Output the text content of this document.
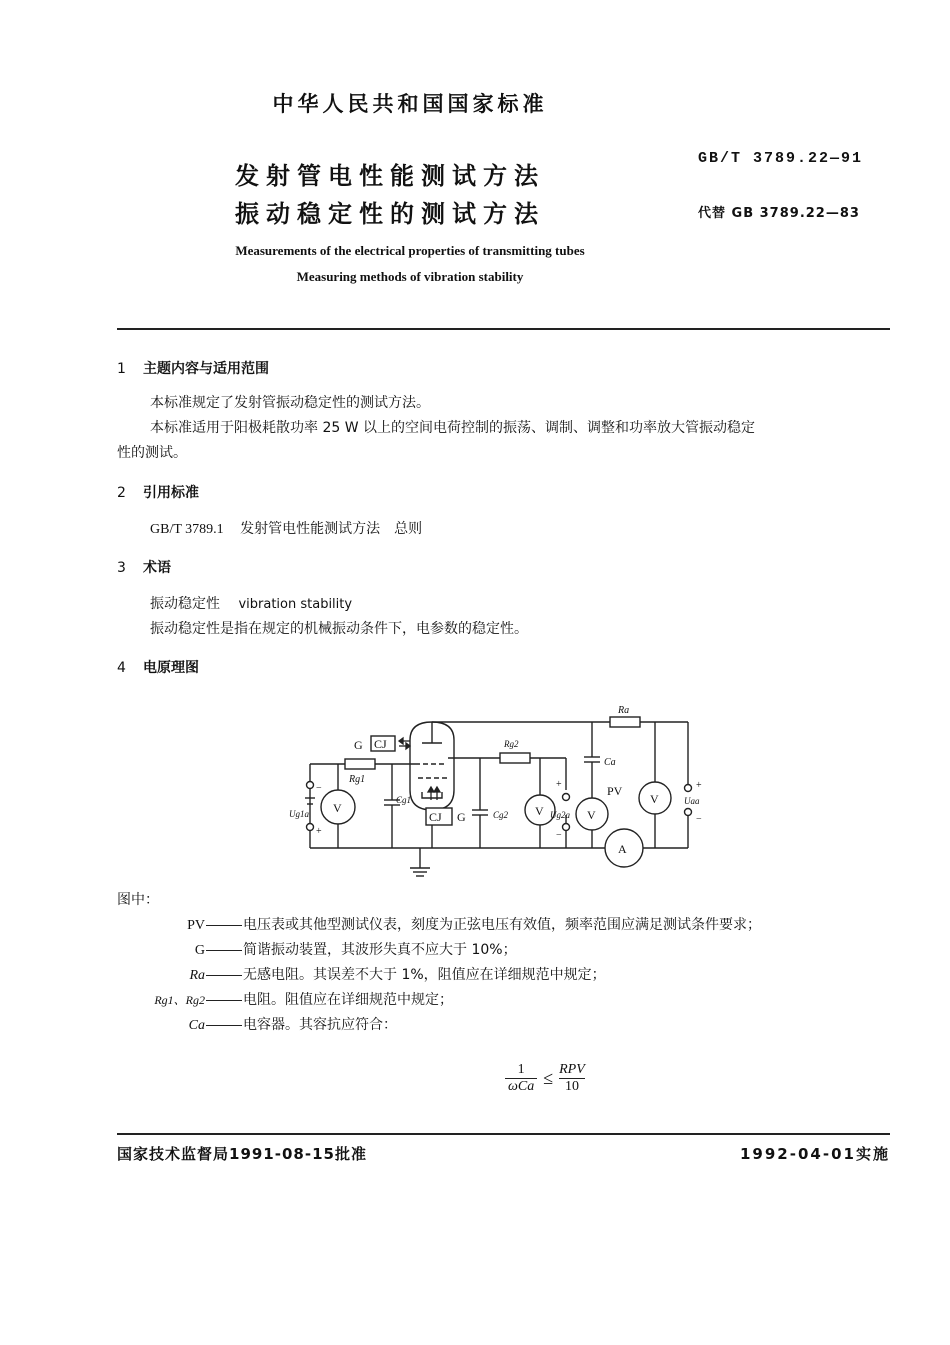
中华人民共和国国家标准
发射管电性能测试方法
振动稳定性的测试方法
GB/T 3789.22—91
代替 GB 3789.22—83
Measurements of the electrical properties of transmitting tubes
Measuring methods of vibration stability
1 主题内容与适用范围
本标准规定了发射管振动稳定性的测试方法。
本标准适用于阳极耗散功率 25 W 以上的空间电荷控制的振荡、调制、调整和功率放大管振动稳定
性的测试。
2 引用标准
GB/T 3789.1 发射管电性能测试方法　总则
3 术语
振动稳定性 vibration stability
振动稳定性是指在规定的机械振动条件下，电参数的稳定性。
4 电原理图
G CJ
Rg1
Cg1
Ug1a V
CJ G	Cg2
Rg2
Ug2a
V
Ca
PV
V
Ra
V	Uaa
A
−
+
+
−
+
−
图中：
PV	电压表或其他型测试仪表，刻度为正弦电压有效值，频率范围应满足测试条件要求；
G	简谐振动装置，其波形失真不应大于 10%；
Ra	无感电阻。其误差不大于 1%，阻值应在详细规范中规定；
Rg1、Rg2	电阻。阻值应在详细规范中规定；
Ca	电容器。其容抗应符合：
1
ωCa ≤ RPV
10
国家技术监督局1991-08-15批准	1992-04-01实施
